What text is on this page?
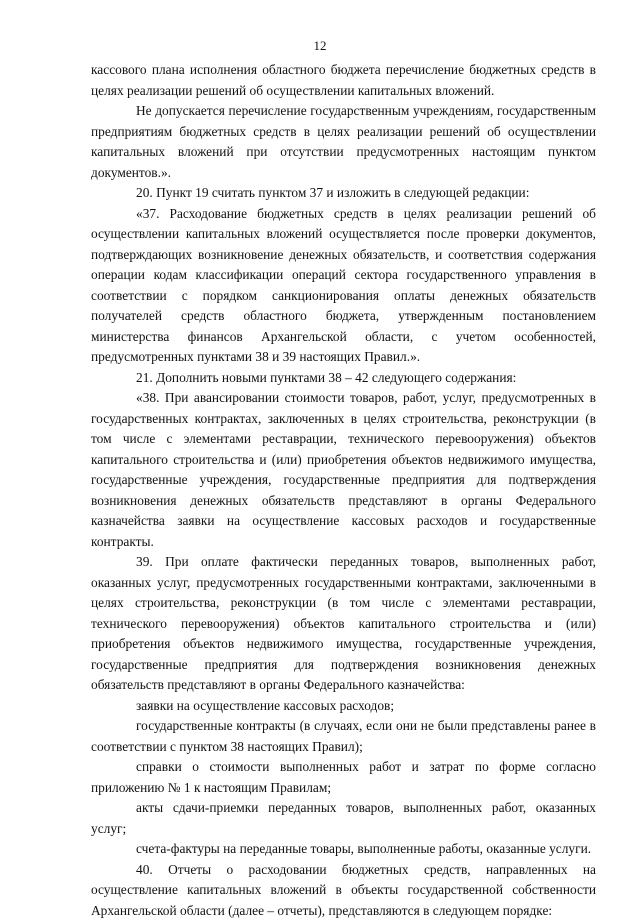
12

кассового плана исполнения областного бюджета перечисление бюджетных средств в целях реализации решений об осуществлении капитальных вложений.

Не допускается перечисление государственным учреждениям, государственным предприятиям бюджетных средств в целях реализации решений об осуществлении капитальных вложений при отсутствии предусмотренных настоящим пунктом документов.».

20. Пункт 19 считать пунктом 37 и изложить в следующей редакции:

«37. Расходование бюджетных средств в целях реализации решений об осуществлении капитальных вложений осуществляется после проверки документов, подтверждающих возникновение денежных обязательств, и соответствия содержания операции кодам классификации операций сектора государственного управления в соответствии с порядком санкционирования оплаты денежных обязательств получателей средств областного бюджета, утвержденным постановлением министерства финансов Архангельской области, с учетом особенностей, предусмотренных пунктами 38 и 39 настоящих Правил.».

21. Дополнить новыми пунктами 38 – 42 следующего содержания:

«38. При авансировании стоимости товаров, работ, услуг, предусмотренных в государственных контрактах, заключенных в целях строительства, реконструкции (в том числе с элементами реставрации, технического перевооружения) объектов капитального строительства и (или) приобретения объектов недвижимого имущества, государственные учреждения, государственные предприятия для подтверждения возникновения денежных обязательств представляют в органы Федерального казначейства заявки на осуществление кассовых расходов и государственные контракты.

39. При оплате фактически переданных товаров, выполненных работ, оказанных услуг, предусмотренных государственными контрактами, заключенными в целях строительства, реконструкции (в том числе с элементами реставрации, технического перевооружения) объектов капитального строительства и (или) приобретения объектов недвижимого имущества, государственные учреждения, государственные предприятия для подтверждения возникновения денежных обязательств представляют в органы Федерального казначейства:

заявки на осуществление кассовых расходов;

государственные контракты (в случаях, если они не были представлены ранее в соответствии с пунктом 38 настоящих Правил);

справки о стоимости выполненных работ и затрат по форме согласно приложению № 1 к настоящим Правилам;

акты сдачи-приемки переданных товаров, выполненных работ, оказанных услуг;

счета-фактуры на переданные товары, выполненные работы, оказанные услуги.

40. Отчеты о расходовании бюджетных средств, направленных на осуществление капитальных вложений в объекты государственной собственности Архангельской области (далее – отчеты), представляются в следующем порядке:
